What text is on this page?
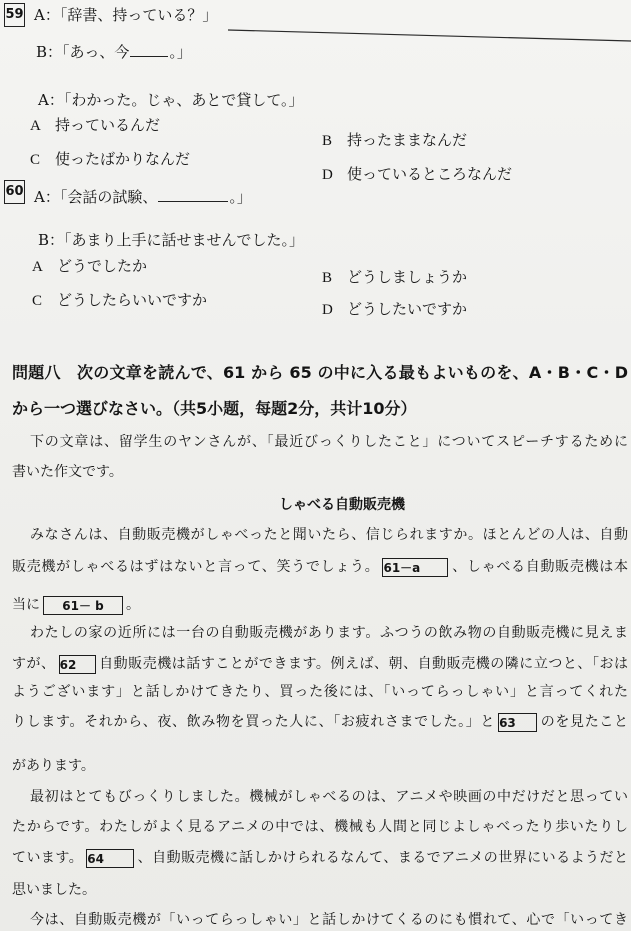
59 A：「辞書、持っている？」
B：「あっ、今	。」
A：「わかった。じゃ、あとで貸して。」
A 持っているんだ
B 持ったままなんだ
C 使ったばかりなんだ
D 使っているところなんだ
60 A：「会話の試験、	。」
B：「あまり上手に話せませんでした。」
A どうでしたか
B どうしましょうか
C どうしたらいいですか
D どうしたいですか
問題八　次の文章を読んで、61 から 65 の中に入る最もよいものを、A・B・C・D
から一つ選びなさい。（共5小题，每题2分，共计10分）
下の文章は、留学生のヤンさんが、「最近びっくりしたこと」についてスピーチするために
書いた作文です。
しゃべる自動販売機
みなさんは、自動販売機がしゃべったと聞いたら、信じられますか。ほとんどの人は、自動
販売機がしゃべるはずはないと言って、笑うでしょう。 61－a 、しゃべる自動販売機は本
当に 61－ b 。
わたしの家の近所には一台の自動販売機があります。ふつうの飲み物の自動販売機に見えま
すが、 62 自動販売機は話すことができます。例えば、朝、自動販売機の隣に立つと、「おは
ようございます」と話しかけてきたり、買った後には、「いってらっしゃい」と言ってくれた
りします。それから、夜、飲み物を買った人に、「お疲れさまでした。」と 63 のを見たこと
があります。
最初はとてもびっくりしました。機械がしゃべるのは、アニメや映画の中だけだと思ってい
たからです。わたしがよく見るアニメの中では、機械も人間と同じよしゃべったり歩いたりし
ています。 64 、自動販売機に話しかけられるなんて、まるでアニメの世界にいるようだと
思いました。
今は、自動販売機が「いってらっしゃい」と話しかけてくるのにも慣れて、心で「いってき
